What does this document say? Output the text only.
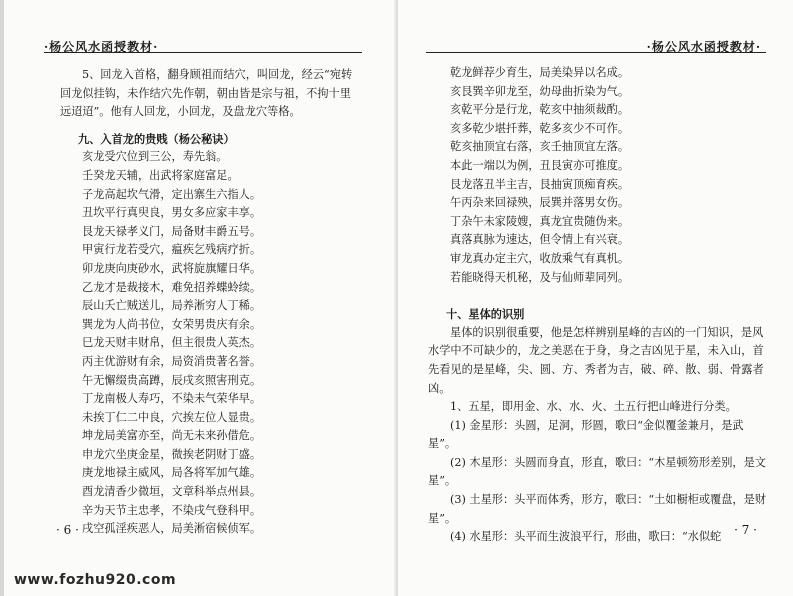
·杨公风水函授教材·
5、回龙入首格，翻身顾祖而结穴，叫回龙，经云“宛转回龙似挂钩，未作结穴先作朝，朝由皆是宗与祖，不拘十里远迢迢”。他有人回龙，小回龙，及盘龙穴等格。
九、入首龙的贵贱（杨公秘诀）
亥龙受穴位到三公，寿先翁。
壬癸龙天辅，出武将家庭富足。
子龙高起坎气滑，定出寨生六指人。
丑坎平行真臾良，男女多应家丰享。
艮龙天禄孝义门，局备财丰爵五号。
甲寅行龙若受穴，瘟疾乞残病疗折。
卯龙庚向庚砂水，武将旋旗耀日华。
乙龙才是裁接木，难免招养蝶蛉续。
辰山夭亡贼送儿，局养淅穷人丁稀。
巽龙为人尚书位，女荣男贵庆有余。
巳龙天财丰财帛，但主很贵人英杰。
丙主优游财有余，局资消贵著名誉。
午无懈缀贵高蹲，辰戌亥照害刑克。
丁龙南极人寿巧，不染未气荣华早。
未挨丁仁二中良，穴挨左位人显贵。
坤龙局美富亦至，尚无未来孙借危。
申龙穴坐庚金星，微挨老阴财丁盛。
庚龙地禄主威风，局各将军加气雄。
酉龙清香少微垣，文章科举点州县。
辛为天节主忠孝，不染戌气登科甲。
戌空孤淫疾恶人，局美淅宿候侦军。
· 6 ·
·杨公风水函授教材·
乾龙鲜荐少育生，局美染异以名成。
亥艮巽辛卯龙至，幼母曲折染为气。
亥乾平分是行龙，乾亥中抽须裁酌。
亥多乾少堪扦葬，乾多亥少不可作。
乾亥抽顶宜右落，亥壬抽顶宜左落。
本此一端以为例，丑艮寅亦可推度。
艮龙落丑半主吉，艮抽寅顶痴育疾。
午丙杂来回禄殃，辰巽并落男女伤。
丁杂午未家陵嫂，真龙宜贵随伪来。
真落真脉为速达，但令情上有兴衰。
审龙真办定主穴，收放乘气有真机。
若能晓得天机秘，及与仙师辈同列。
十、星体的识别
星体的识别很重要，他是怎样辨别星峰的吉凶的一门知识，是风水学中不可缺少的，龙之美恶在于身，身之吉凶见于星，未入山，首先看见的是星峰，尖、圆、方、秀者为吉，破、碎、散、弱、骨露者凶。
1、五星，即用金、水、水、火、土五行把山峰进行分类。
(1) 金星形：头圆，足洞，形圆，歌曰“金似覆釜兼月，是武星”。
(2) 木星形：头圆而身直，形直，歌曰：“木星顿笏形差别，是文星”。
(3) 土星形：头平而体秀，形方，歌曰：“土如橱柜或覆盘，是财星”。
(4) 水星形：头平而生波浪平行，形曲，歌曰：“水似蛇	· 7 ·
www.fozhu920.com
